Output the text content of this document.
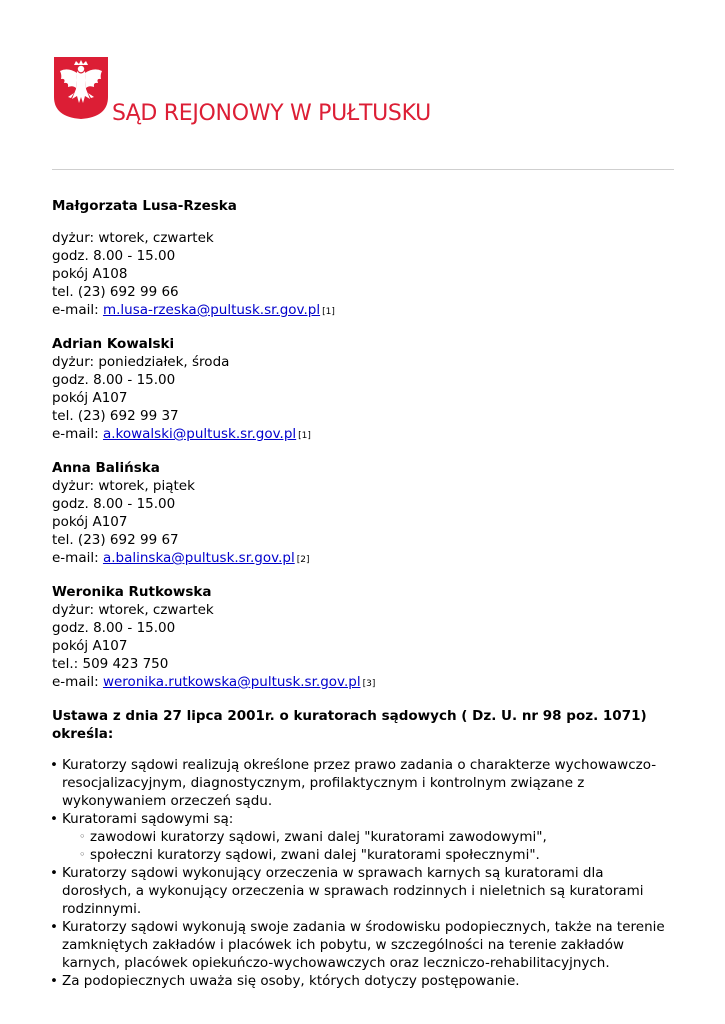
SĄD REJONOWY W PUŁTUSKU

Małgorzata Lusa-Rzeska

dyżur: wtorek, czwartek

godz. 8.00 - 15.00

pokój A108

tel. (23) 692 99 66

e-mail: m.lusa-rzeska@pultusk.sr.gov.pl [1]

Adrian Kowalski

dyżur: poniedziałek, środa

godz. 8.00 - 15.00

pokój A107

tel. (23) 692 99 37

e-mail: a.kowalski@pultusk.sr.gov.pl [1]

Anna Balińska

dyżur: wtorek, piątek

godz. 8.00 - 15.00

pokój A107

tel. (23) 692 99 67

e-mail: a.balinska@pultusk.sr.gov.pl [2]

Weronika Rutkowska

dyżur: wtorek, czwartek

godz. 8.00 - 15.00

pokój A107

tel.: 509 423 750

e-mail: weronika.rutkowska@pultusk.sr.gov.pl [3]

Ustawa z dnia 27 lipca 2001r. o kuratorach sądowych ( Dz. U. nr 98 poz. 1071) określa:

• Kuratorzy sądowi realizują określone przez prawo zadania o charakterze wychowawczo-resocjalizacyjnym, diagnostycznym, profilaktycznym i kontrolnym związane z wykonywaniem orzeczeń sądu.
• Kuratorami sądowymi są:
◦ zawodowi kuratorzy sądowi, zwani dalej "kuratorami zawodowymi",
◦ społeczni kuratorzy sądowi, zwani dalej "kuratorami społecznymi".
• Kuratorzy sądowi wykonujący orzeczenia w sprawach karnych są kuratorami dla dorosłych, a wykonujący orzeczenia w sprawach rodzinnych i nieletnich są kuratorami rodzinnymi.
• Kuratorzy sądowi wykonują swoje zadania w środowisku podopiecznych, także na terenie zamkniętych zakładów i placówek ich pobytu, w szczególności na terenie zakładów karnych, placówek opiekuńczo-wychowawczych oraz leczniczo-rehabilitacyjnych.
• Za podopiecznych uważa się osoby, których dotyczy postępowanie.
